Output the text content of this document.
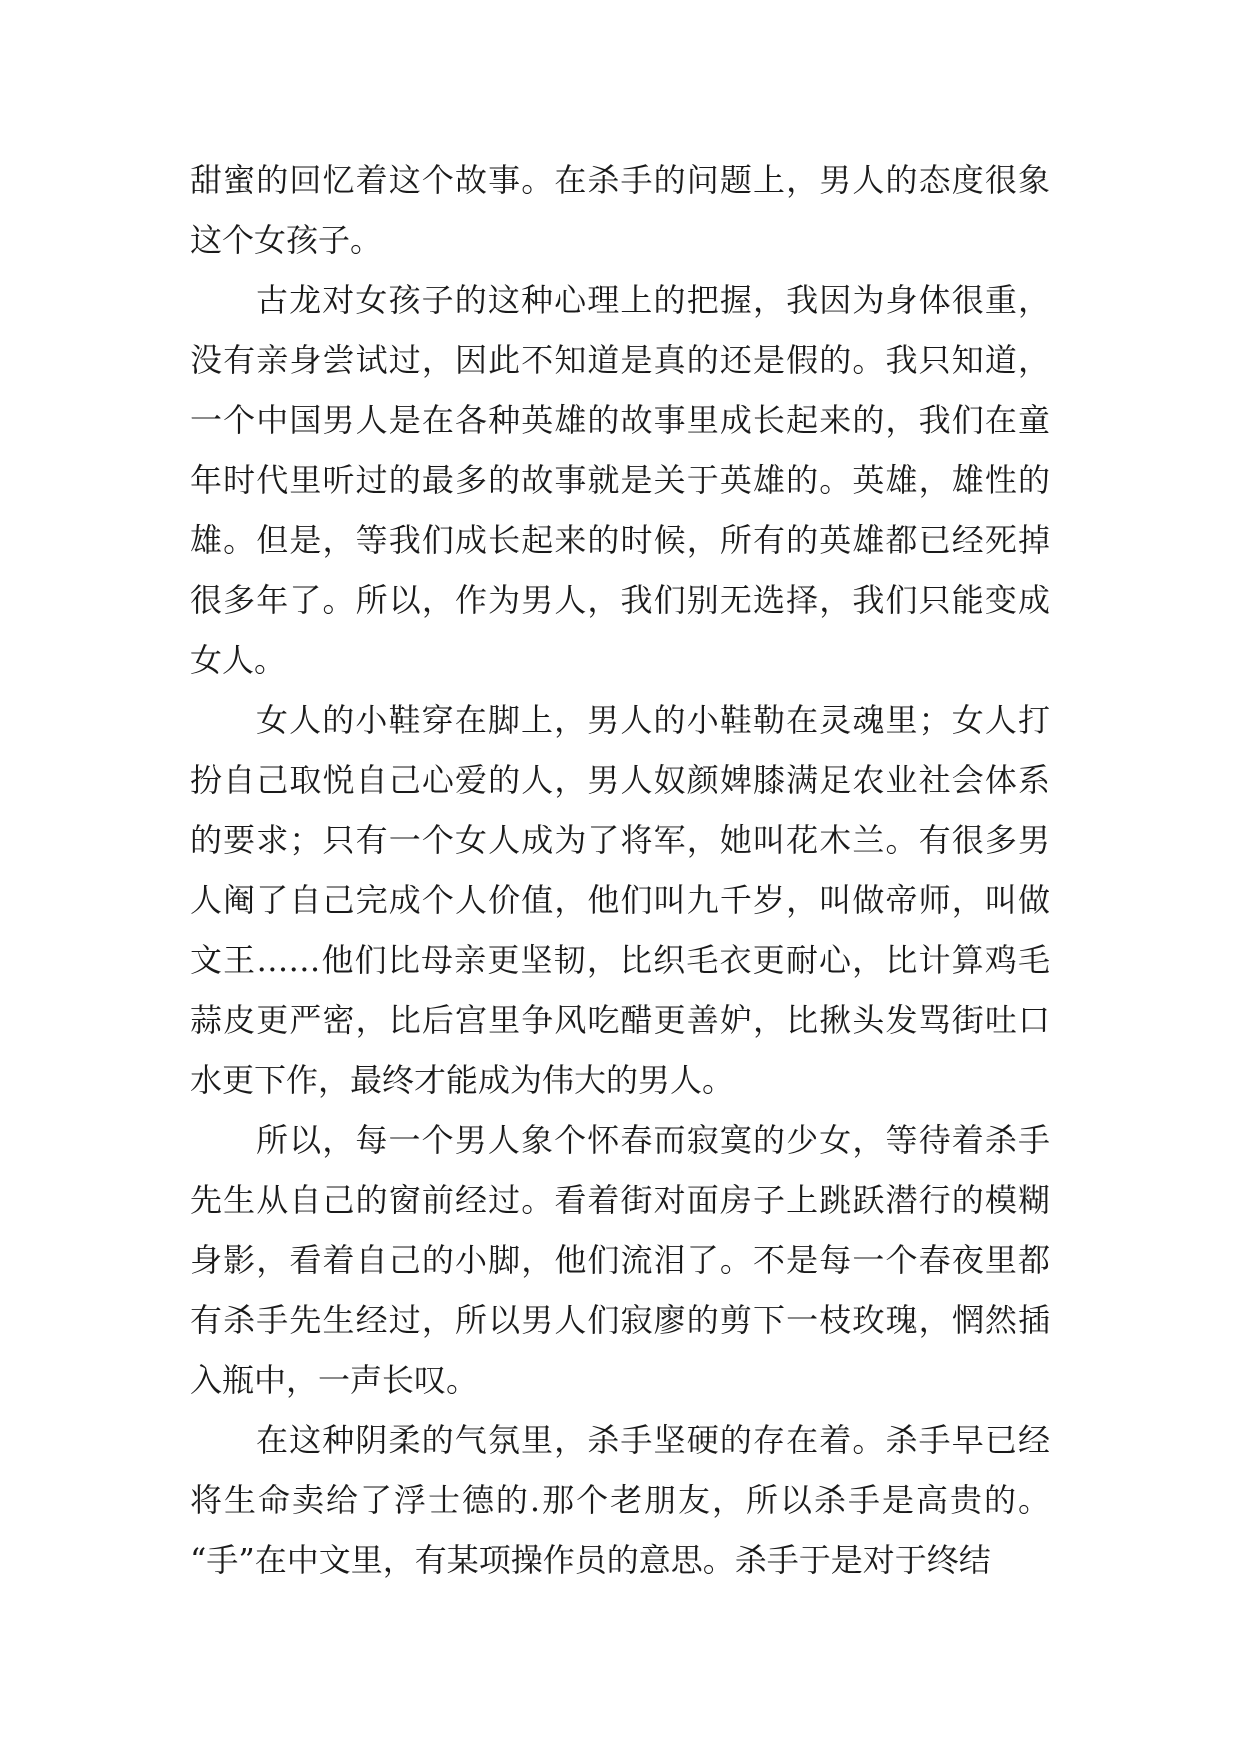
甜蜜的回忆着这个故事。在杀手的问题上，男人的态度很象
这个女孩子。
古龙对女孩子的这种心理上的把握，我因为身体很重，
没有亲身尝试过，因此不知道是真的还是假的。我只知道，
一个中国男人是在各种英雄的故事里成长起来的，我们在童
年时代里听过的最多的故事就是关于英雄的。英雄，雄性的
雄。但是，等我们成长起来的时候，所有的英雄都已经死掉
很多年了。所以，作为男人，我们别无选择，我们只能变成
女人。
女人的小鞋穿在脚上，男人的小鞋勒在灵魂里；女人打
扮自己取悦自己心爱的人，男人奴颜婢膝满足农业社会体系
的要求；只有一个女人成为了将军，她叫花木兰。有很多男
人阉了自己完成个人价值，他们叫九千岁，叫做帝师，叫做
文王……他们比母亲更坚韧，比织毛衣更耐心，比计算鸡毛
蒜皮更严密，比后宫里争风吃醋更善妒，比揪头发骂街吐口
水更下作，最终才能成为伟大的男人。
所以，每一个男人象个怀春而寂寞的少女，等待着杀手
先生从自己的窗前经过。看着街对面房子上跳跃潜行的模糊
身影，看着自己的小脚，他们流泪了。不是每一个春夜里都
有杀手先生经过，所以男人们寂廖的剪下一枝玫瑰，惘然插
入瓶中，一声长叹。
在这种阴柔的气氛里，杀手坚硬的存在着。杀手早已经
将生命卖给了浮士德的.那个老朋友，所以杀手是高贵的。
“手”在中文里，有某项操作员的意思。杀手于是对于终结
